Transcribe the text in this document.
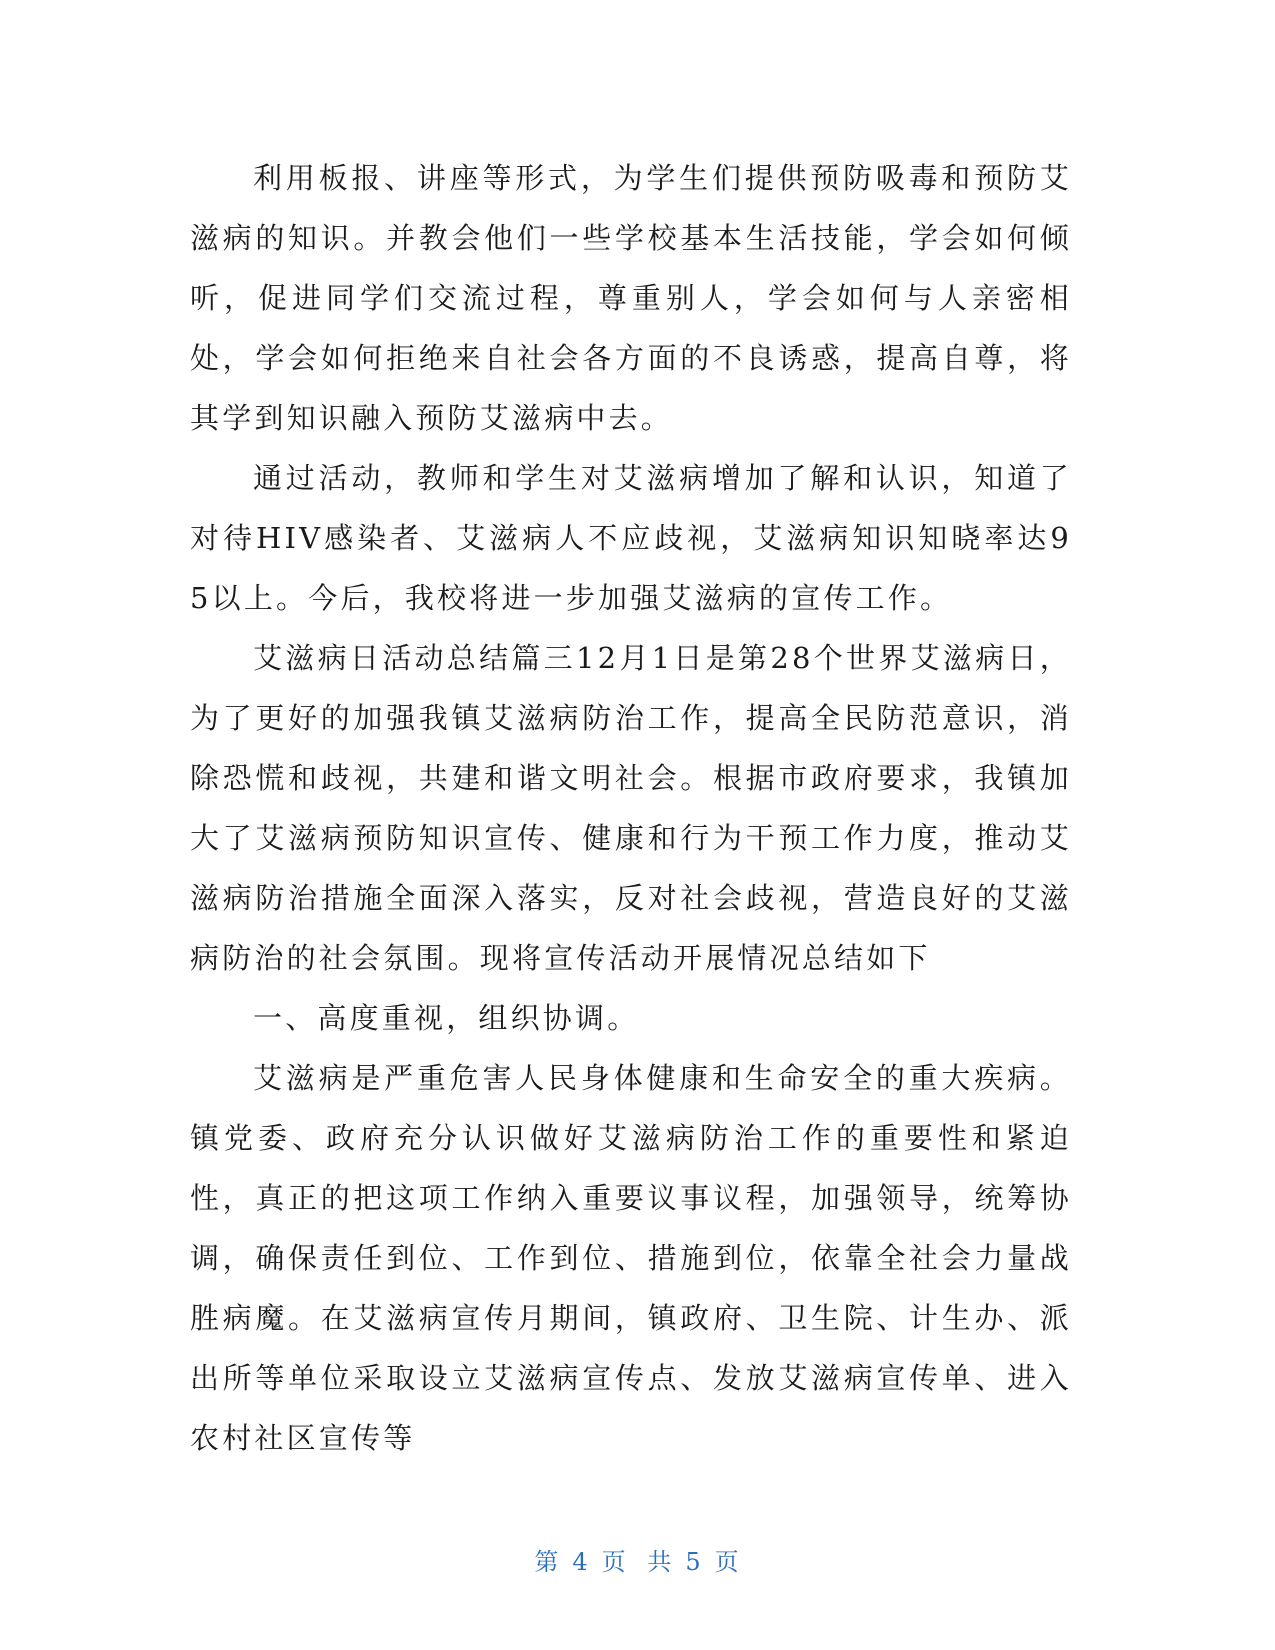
利用板报、讲座等形式，为学生们提供预防吸毒和预防艾滋病的知识。并教会他们一些学校基本生活技能，学会如何倾听，促进同学们交流过程，尊重别人，学会如何与人亲密相处，学会如何拒绝来自社会各方面的不良诱惑，提高自尊，将其学到知识融入预防艾滋病中去。

通过活动，教师和学生对艾滋病增加了解和认识，知道了对待HIV感染者、艾滋病人不应歧视，艾滋病知识知晓率达95以上。今后，我校将进一步加强艾滋病的宣传工作。

艾滋病日活动总结篇三12月1日是第28个世界艾滋病日，为了更好的加强我镇艾滋病防治工作，提高全民防范意识，消除恐慌和歧视，共建和谐文明社会。根据市政府要求，我镇加大了艾滋病预防知识宣传、健康和行为干预工作力度，推动艾滋病防治措施全面深入落实，反对社会歧视，营造良好的艾滋病防治的社会氛围。现将宣传活动开展情况总结如下

一、高度重视，组织协调。

艾滋病是严重危害人民身体健康和生命安全的重大疾病。镇党委、政府充分认识做好艾滋病防治工作的重要性和紧迫性，真正的把这项工作纳入重要议事议程，加强领导，统筹协调，确保责任到位、工作到位、措施到位，依靠全社会力量战胜病魔。在艾滋病宣传月期间，镇政府、卫生院、计生办、派出所等单位采取设立艾滋病宣传点、发放艾滋病宣传单、进入农村社区宣传等

第 4 页 共 5 页
